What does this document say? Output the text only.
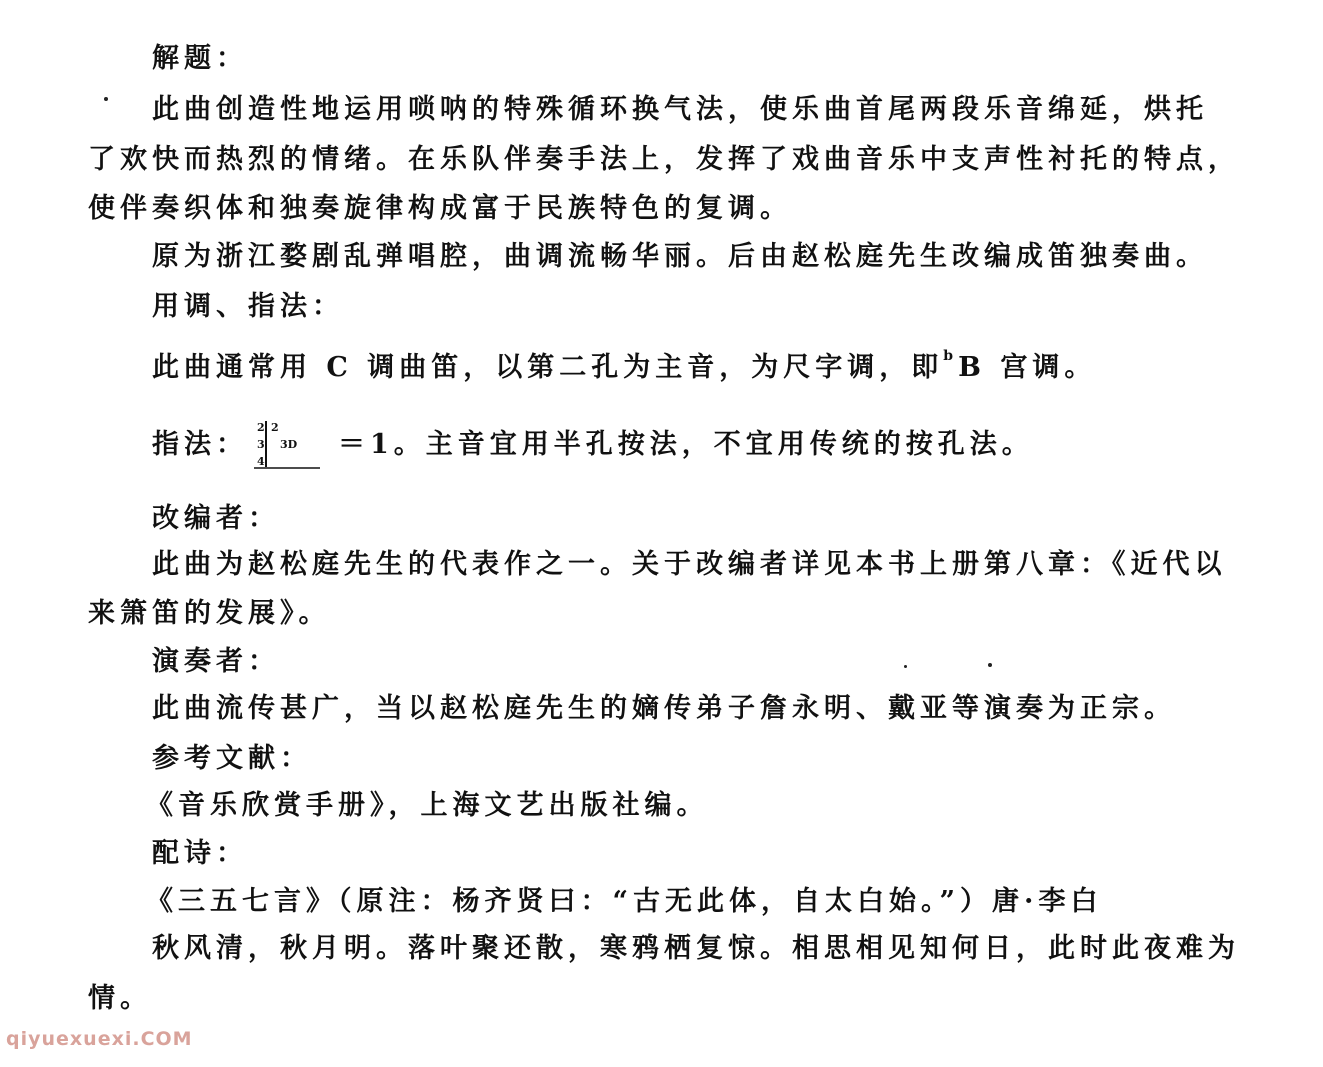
解题：

此曲创造性地运用唢呐的特殊循环换气法，使乐曲首尾两段乐音绵延，烘托

了欢快而热烈的情绪。在乐队伴奏手法上，发挥了戏曲音乐中支声性衬托的特点，

使伴奏织体和独奏旋律构成富于民族特色的复调。

原为浙江婺剧乱弹唱腔，曲调流畅华丽。后由赵松庭先生改编成笛独奏曲。

用调、指法：

此曲通常用 C 调曲笛，以第二孔为主音，为尺字调，即$^b$B 宫调。

指法：

2
3
4
2
3D ＝1。主音宜用半孔按法，不宜用传统的按孔法。

改编者：

此曲为赵松庭先生的代表作之一。关于改编者详见本书上册第八章：《近代以

来箫笛的发展》。

演奏者：

此曲流传甚广，当以赵松庭先生的嫡传弟子詹永明、戴亚等演奏为正宗。

参考文献：

《音乐欣赏手册》，上海文艺出版社编。

配诗：

《三五七言》（原注：杨齐贤曰：“古无此体，自太白始。”）唐·李白

秋风清，秋月明。落叶聚还散，寒鸦栖复惊。相思相见知何日，此时此夜难为

情。

qiyuexuexi.COM
